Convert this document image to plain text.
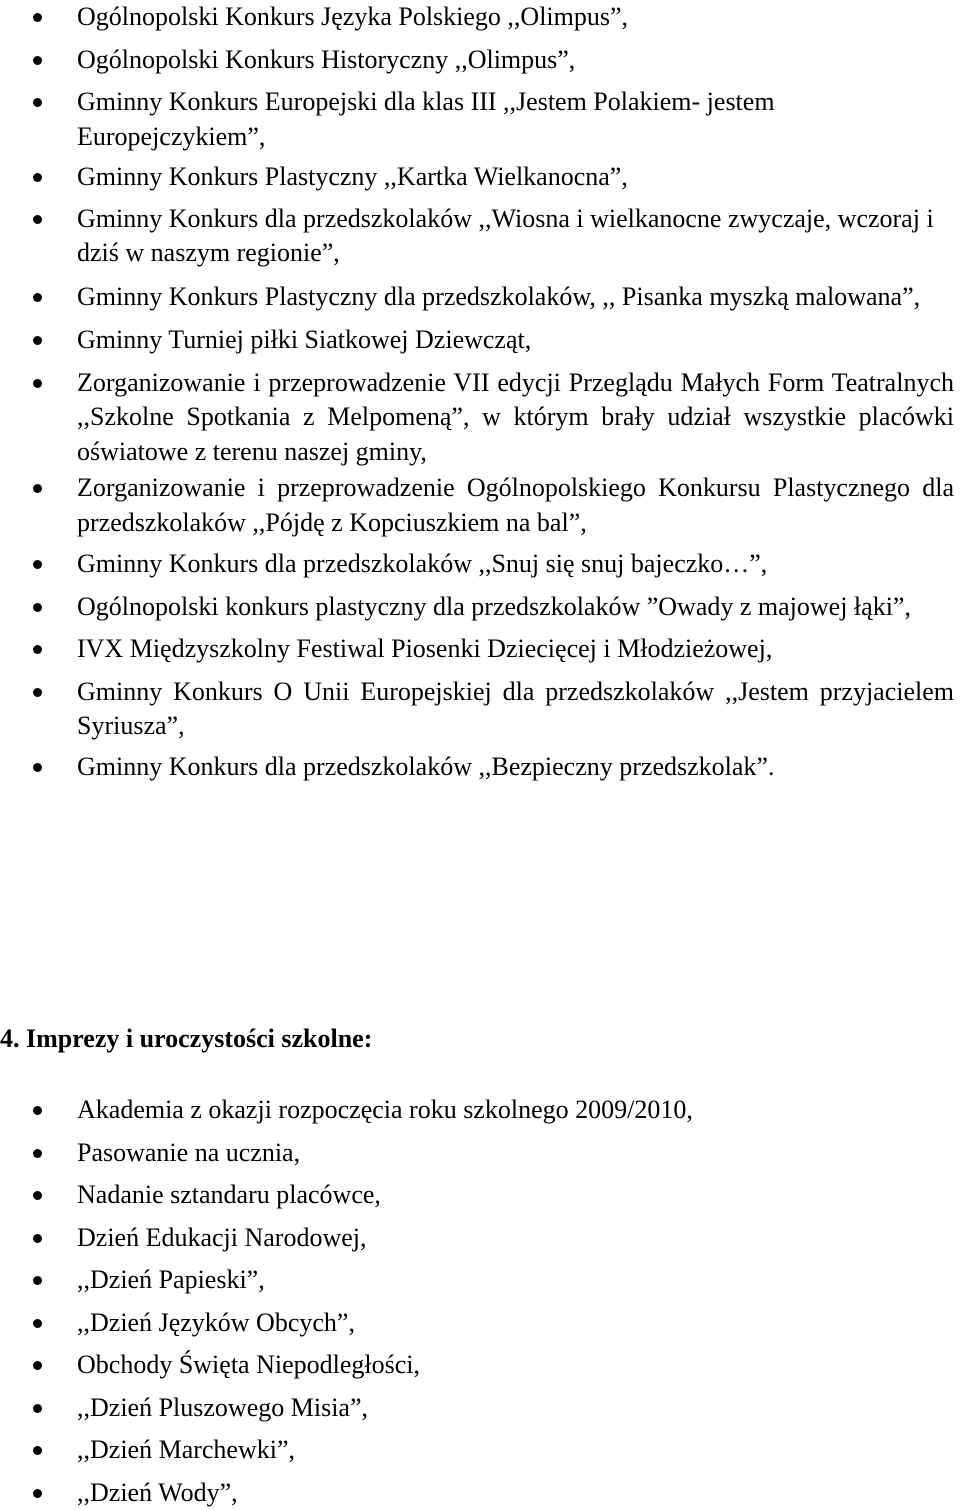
Ogólnopolski Konkurs Języka Polskiego ,,Olimpus”,
Ogólnopolski Konkurs Historyczny ,,Olimpus”,
Gminny Konkurs Europejski dla klas III ,,Jestem Polakiem- jestem Europejczykiem”,
Gminny Konkurs Plastyczny ,,Kartka Wielkanocna”,
Gminny Konkurs dla przedszkolaków ,,Wiosna i wielkanocne zwyczaje, wczoraj i dziś w naszym regionie”,
Gminny Konkurs Plastyczny dla przedszkolaków, ,, Pisanka myszką malowana”,
Gminny Turniej piłki Siatkowej Dziewcząt,
Zorganizowanie i przeprowadzenie VII edycji Przeglądu Małych Form Teatralnych ,,Szkolne Spotkania z Melpomeną”, w którym brały udział wszystkie placówki oświatowe z terenu naszej gminy,
Zorganizowanie i przeprowadzenie Ogólnopolskiego Konkursu Plastycznego dla przedszkolaków ,,Pójdę z Kopciuszkiem na bal”,
Gminny Konkurs dla przedszkolaków ,,Snuj się snuj bajeczko…”,
Ogólnopolski konkurs plastyczny dla przedszkolaków ”Owady z majowej łąki”,
IVX Międzyszkolny Festiwal Piosenki Dziecięcej i Młodzieżowej,
Gminny Konkurs O Unii Europejskiej dla przedszkolaków ,,Jestem przyjacielem Syriusza”,
Gminny Konkurs dla przedszkolaków ,,Bezpieczny przedszkolak”.
4. Imprezy i uroczystości szkolne:
Akademia z okazji rozpoczęcia roku szkolnego 2009/2010,
Pasowanie na ucznia,
Nadanie sztandaru placówce,
Dzień Edukacji Narodowej,
,,Dzień Papieski”,
,,Dzień Języków Obcych”,
Obchody Święta Niepodległości,
,,Dzień Pluszowego Misia”,
,,Dzień Marchewki”,
,,Dzień Wody”,
